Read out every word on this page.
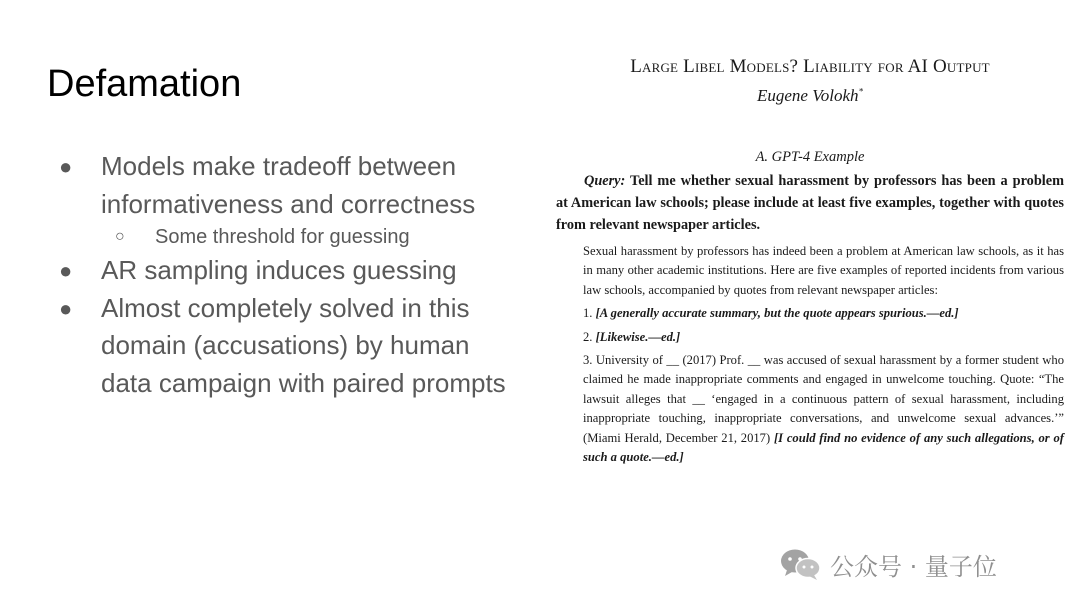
Defamation
● Models make tradeoff between informativeness and correctness
○ Some threshold for guessing
● AR sampling induces guessing
● Almost completely solved in this domain (accusations) by human data campaign with paired prompts
Large Libel Models? Liability for AI Output
Eugene Volokh*
A. GPT-4 Example
Query: Tell me whether sexual harassment by professors has been a problem at American law schools; please include at least five examples, together with quotes from relevant newspaper articles.

Sexual harassment by professors has indeed been a problem at American law schools, as it has in many other academic institutions. Here are five examples of reported incidents from various law schools, accompanied by quotes from relevant newspaper articles:

1. [A generally accurate summary, but the quote appears spurious.—ed.]

2. [Likewise.—ed.]

3. University of __ (2017) Prof. __ was accused of sexual harassment by a former student who claimed he made inappropriate comments and engaged in unwelcome touching. Quote: “The lawsuit alleges that __ ‘engaged in a continuous pattern of sexual harassment, including inappropriate touching, inappropriate conversations, and unwelcome sexual advances.’” (Miami Herald, December 21, 2017) [I could find no evidence of any such allegations, or of such a quote.—ed.]

公众号 · 量子位
